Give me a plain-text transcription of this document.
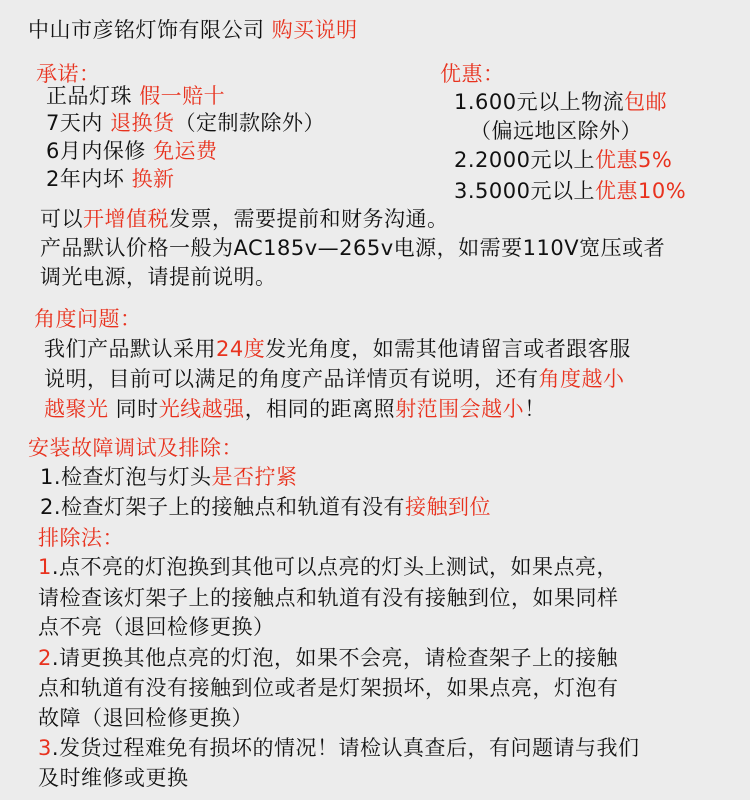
中山市彦铭灯饰有限公司 购买说明
承诺：
正品灯珠 假一赔十
7天内 退换货（定制款除外）
6月内保修 免运费
2年内坏 换新
优惠：
1.600元以上物流包邮
（偏远地区除外）
2.2000元以上优惠5%
3.5000元以上优惠10%
可以开增值税发票，需要提前和财务沟通。
产品默认价格一般为AC185v—265v电源，如需要110V宽压或者
调光电源，请提前说明。
角度问题：
我们产品默认采用24度发光角度，如需其他请留言或者跟客服
说明，目前可以满足的角度产品详情页有说明，还有角度越小
越聚光 同时光线越强，相同的距离照射范围会越小！
安装故障调试及排除：
1.检查灯泡与灯头是否拧紧
2.检查灯架子上的接触点和轨道有没有接触到位
排除法：
1.点不亮的灯泡换到其他可以点亮的灯头上测试，如果点亮，
请检查该灯架子上的接触点和轨道有没有接触到位，如果同样
点不亮（退回检修更换）
2.请更换其他点亮的灯泡，如果不会亮，请检查架子上的接触
点和轨道有没有接触到位或者是灯架损坏，如果点亮，灯泡有
故障（退回检修更换）
3.发货过程难免有损坏的情况！请检认真查后，有问题请与我们
及时维修或更换
